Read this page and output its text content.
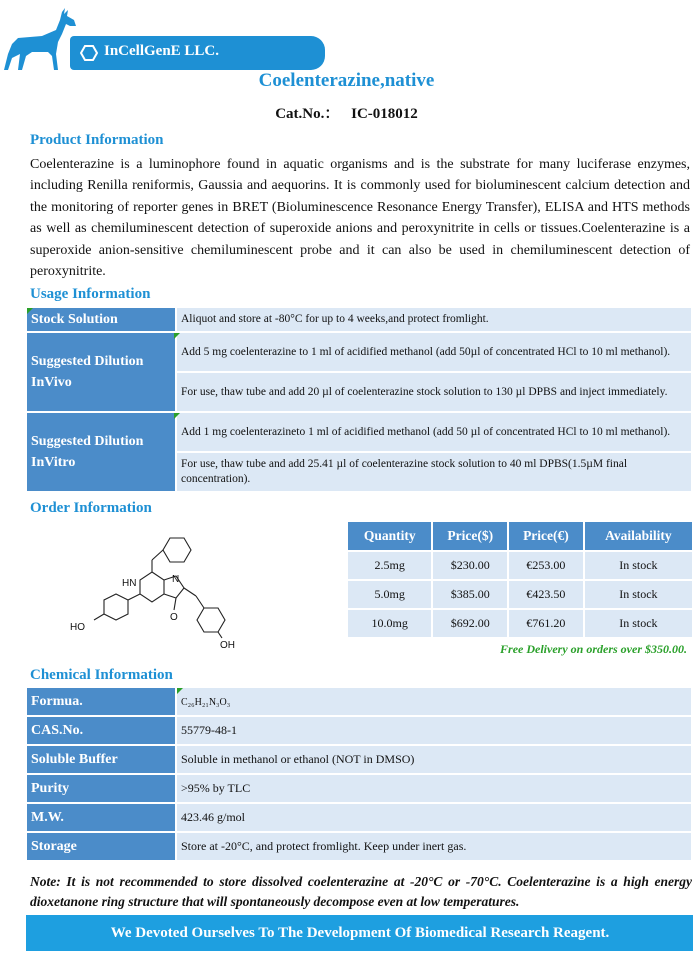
InCellGenE LLC.
Coelenterazine,native
Cat.No.： IC-018012
Product Information
Coelenterazine is a luminophore found in aquatic organisms and is the substrate for many luciferase enzymes, including Renilla reniformis, Gaussia and aequorins. It is commonly used for bioluminescent calcium detection and the monitoring of reporter genes in BRET (Bioluminescence Resonance Energy Transfer), ELISA and HTS methods as well as chemiluminescent detection of superoxide anions and peroxynitrite in cells or tissues.Coelenterazine is a superoxide anion-sensitive chemiluminescent probe and it can also be used in chemiluminescent detection of peroxynitrite.
Usage Information
Stock Solution	Aliquot and store at -80°C for up to 4 weeks,and protect fromlight.

Suggested Dilution InVivo	Add 5 mg coelenterazine to 1 ml of acidified methanol (add 50µl of concentrated HCl to 10 ml methanol).
	For use, thaw tube and add 20 µl of coelenterazine stock solution to 130 µl DPBS and inject immediately.

Suggested Dilution InVitro	Add 1 mg coelenterazineto 1 ml of acidified methanol (add 50 µl of concentrated HCl to 10 ml methanol).
	For use, thaw tube and add 25.41 µl of coelenterazine stock solution to 40 ml DPBS(1.5µM final concentration).
Order Information
HN	N
O
HO
OH
Quantity	Price($)	Price(€)	Availability
2.5mg	$230.00	€253.00	In stock
5.0mg	$385.00	€423.50	In stock
10.0mg	$692.00	€761.20	In stock
Free Delivery on orders over $350.00.
Chemical Information
Formua.	C₂₆H₂₁N₃O₃
CAS.No.	55779-48-1
Soluble Buffer	Soluble in methanol or ethanol (NOT in DMSO)
Purity	>95% by TLC
M.W.	423.46 g/mol
Storage	Store at -20°C, and protect fromlight. Keep under inert gas.
Note: It is not recommended to store dissolved coelenterazine at -20°C or -70°C. Coelenterazine is a high energy dioxetanone ring structure that will spontaneously decompose even at low temperatures.
We Devoted Ourselves To The Development Of Biomedical Research Reagent.
